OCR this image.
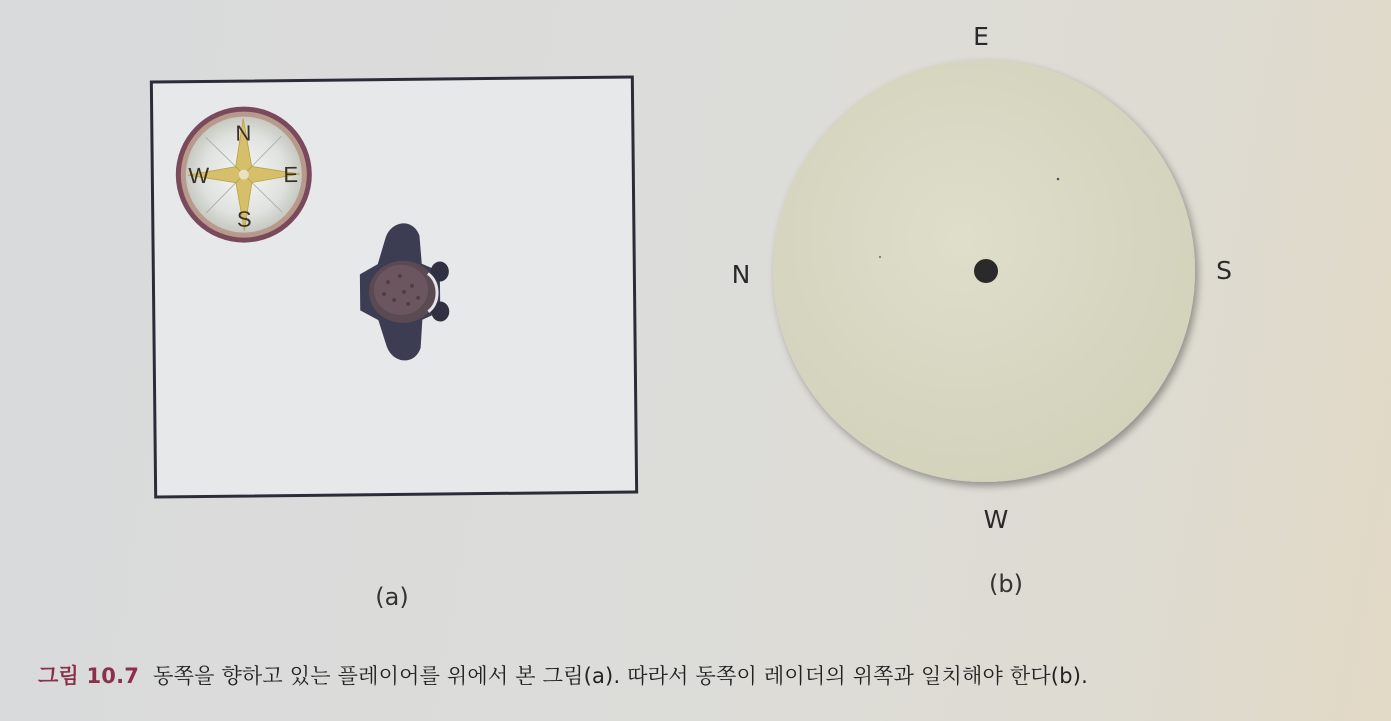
N
E
S
W
E
N	S
W
(a)	(b)
그림 10.7 동쪽을 향하고 있는 플레이어를 위에서 본 그림(a). 따라서 동쪽이 레이더의 위쪽과 일치해야 한다(b).
